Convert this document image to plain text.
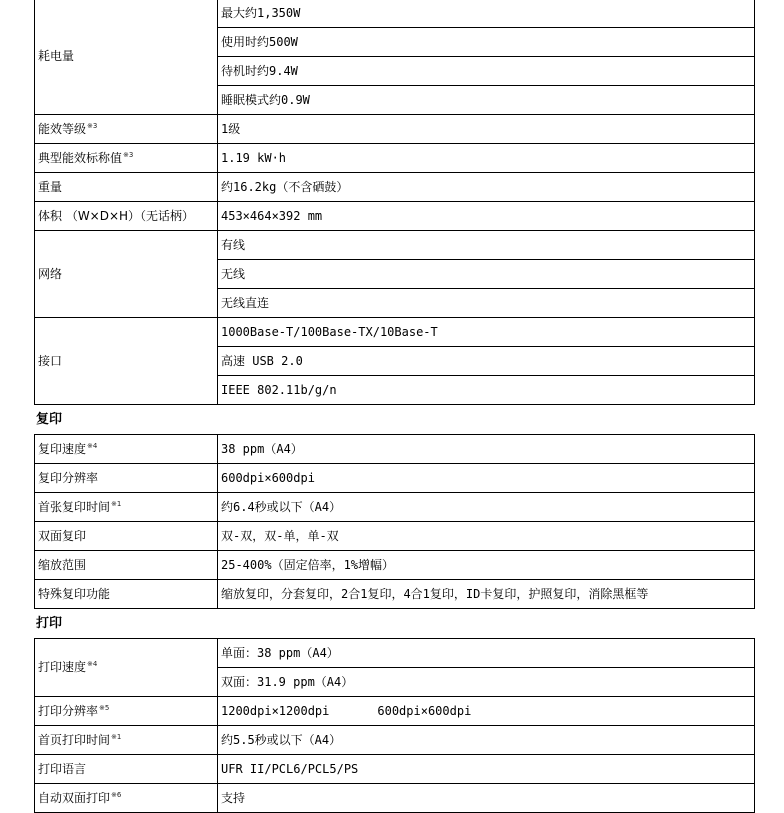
耗电量	最大约1,350W
	使用时约500W
	待机时约9.4W
	睡眠模式约0.9W
能效等级$^{※3}$	1级
典型能效标称值$^{※3}$	1.19 kW·h
重量	约16.2kg（不含硒鼓）
体积 （W×D×H）（无话柄）	453×464×392 mm
网络	有线
	无线
	无线直连
接口	1000Base-T/100Base-TX/10Base-T
	高速 USB 2.0
	IEEE 802.11b/g/n
复印
复印速度$^{※4}$	38 ppm（A4）
复印分辨率	600dpi×600dpi
首张复印时间$^{※1}$	约6.4秒或以下（A4）
双面复印	双-双，双-单，单-双
缩放范围	25-400%（固定倍率，1%增幅）
特殊复印功能	缩放复印，分套复印，2合1复印，4合1复印，ID卡复印，护照复印，消除黑框等
打印
打印速度$^{※4}$	单面：38 ppm（A4）
	双面：31.9 ppm（A4）
打印分辨率$^{※5}$	1200dpi×1200dpi 600dpi×600dpi
首页打印时间$^{※1}$	约5.5秒或以下（A4）
打印语言	UFR II/PCL6/PCL5/PS
自动双面打印$^{※6}$	支持
